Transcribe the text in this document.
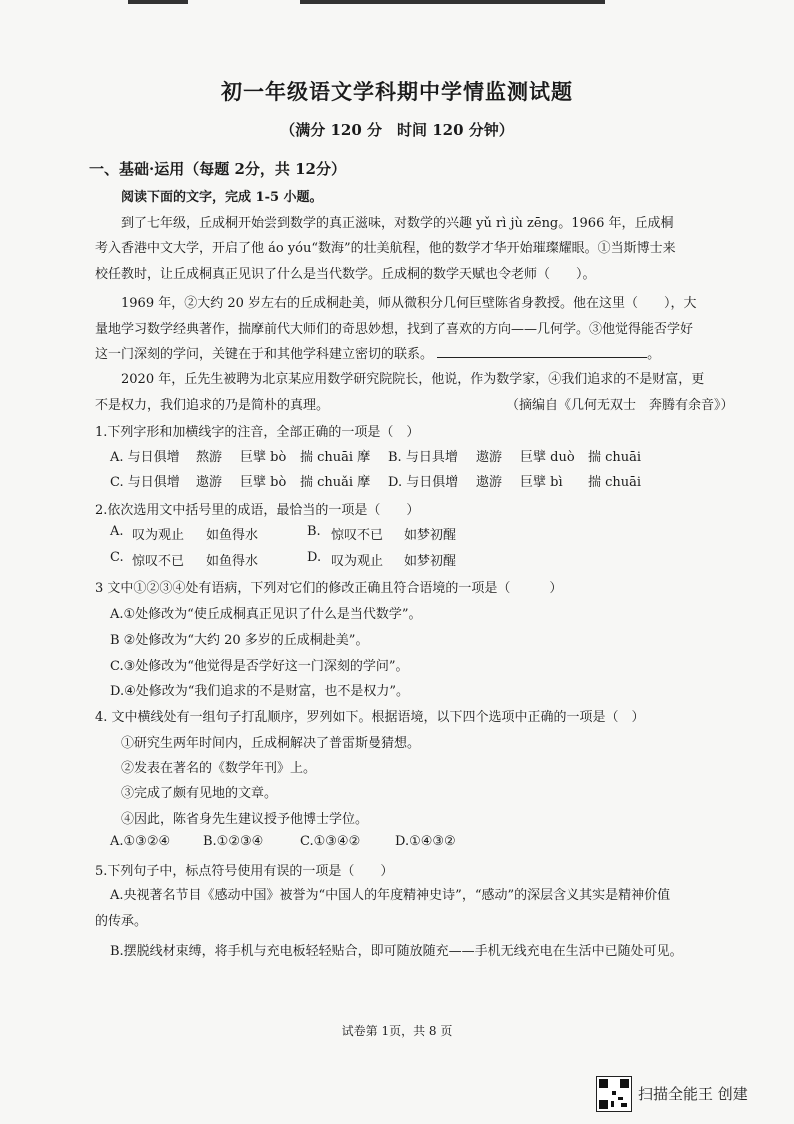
初一年级语文学科期中学情监测试题
（满分 120 分　时间 120 分钟）
一、基础·运用（每题 2分，共 12分）
阅读下面的文字，完成 1-5 小题。
到了七年级，丘成桐开始尝到数学的真正滋味，对数学的兴趣 yǔ rì jù zēng。1966 年，丘成桐
考入香港中文大学，开启了他 áo yóu“数海”的壮美航程，他的数学才华开始璀璨耀眼。①当斯博士来
校任教时，让丘成桐真正见识了什么是当代数学。丘成桐的数学天赋也令老师（　　）。
1969 年，②大约 20 岁左右的丘成桐赴美，师从微积分几何巨壁陈省身教授。他在这里（　　），大
量地学习数学经典著作，揣摩前代大师们的奇思妙想，找到了喜欢的方向——几何学。③他觉得能否学好
这一门深刻的学问，关键在于和其他学科建立密切的联系。	。
2020 年，丘先生被聘为北京某应用数学研究院院长，他说，作为数学家，④我们追求的不是财富，更
不是权力，我们追求的乃是简朴的真理。	（摘编自《几何无双士　奔腾有余音》）
1.下列字形和加横线字的注音，全部正确的一项是（　）
A. 与日俱增 熬游 巨擘 bò 揣 chuāi 摩 B. 与日具增 遨游 巨擘 duò 揣 chuāi
C. 与日俱增 遨游 巨擘 bò 揣 chuǎi 摩 D. 与日俱增 遨游 巨擘 bì 揣 chuāi
2.依次选用文中括号里的成语，最恰当的一项是（　　）
A. 叹为观止 如鱼得水	B. 惊叹不已 如梦初醒
C. 惊叹不已 如鱼得水	D. 叹为观止 如梦初醒
3 文中①②③④处有语病，下列对它们的修改正确且符合语境的一项是（　　　）
A.①处修改为“使丘成桐真正见识了什么是当代数学”。
B ②处修改为“大约 20 多岁的丘成桐赴美”。
C.③处修改为“他觉得是否学好这一门深刻的学问”。
D.④处修改为“我们追求的不是财富，也不是权力”。
4. 文中横线处有一组句子打乱顺序，罗列如下。根据语境，以下四个选项中正确的一项是（　）
①研究生两年时间内，丘成桐解决了普雷斯曼猜想。
②发表在著名的《数学年刊》上。
③完成了颇有见地的文章。
④因此，陈省身先生建议授予他博士学位。
A.①③②④	B.①②③④	C.①③④②	D.①④③②
5.下列句子中，标点符号使用有误的一项是（　　）
A.央视著名节目《感动中国》被誉为“中国人的年度精神史诗”，“感动”的深层含义其实是精神价值
的传承。
B.摆脱线材束缚，将手机与充电板轻轻贴合，即可随放随充——手机无线充电在生活中已随处可见。
试卷第 1页，共 8 页
扫描全能王 创建
